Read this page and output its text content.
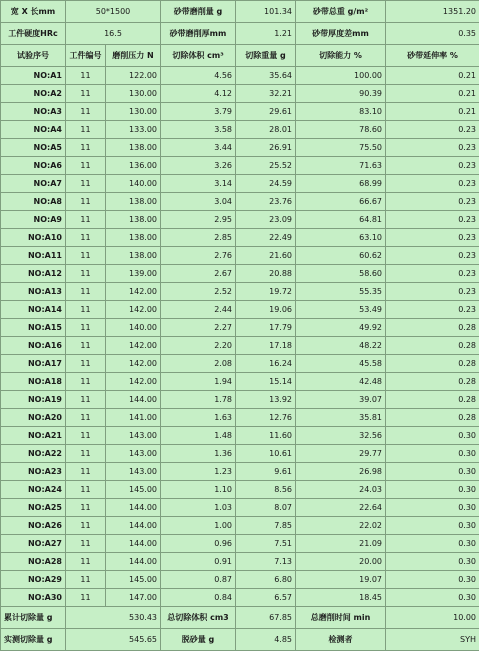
宽 X 长mm	50*1500		砂带磨削量 g	101.34	砂带总重 g/m²	1351.20
工件硬度HRc	16.5		砂带磨削厚mm	1.21	砂带厚度差mm	0.35
试验序号	工件编号	磨削压力 N	切除体积 cm³	切除重量 g	切除能力 %	砂带延伸率 %
NO:A1	11	122.00	4.56	35.64	100.00	0.21
NO:A2	11	130.00	4.12	32.21	90.39	0.21
NO:A3	11	130.00	3.79	29.61	83.10	0.21
NO:A4	11	133.00	3.58	28.01	78.60	0.23
NO:A5	11	138.00	3.44	26.91	75.50	0.23
NO:A6	11	136.00	3.26	25.52	71.63	0.23
NO:A7	11	140.00	3.14	24.59	68.99	0.23
NO:A8	11	138.00	3.04	23.76	66.67	0.23
NO:A9	11	138.00	2.95	23.09	64.81	0.23
NO:A10	11	138.00	2.85	22.49	63.10	0.23
NO:A11	11	138.00	2.76	21.60	60.62	0.23
NO:A12	11	139.00	2.67	20.88	58.60	0.23
NO:A13	11	142.00	2.52	19.72	55.35	0.23
NO:A14	11	142.00	2.44	19.06	53.49	0.23
NO:A15	11	140.00	2.27	17.79	49.92	0.28
NO:A16	11	142.00	2.20	17.18	48.22	0.28
NO:A17	11	142.00	2.08	16.24	45.58	0.28
NO:A18	11	142.00	1.94	15.14	42.48	0.28
NO:A19	11	144.00	1.78	13.92	39.07	0.28
NO:A20	11	141.00	1.63	12.76	35.81	0.28
NO:A21	11	143.00	1.48	11.60	32.56	0.30
NO:A22	11	143.00	1.36	10.61	29.77	0.30
NO:A23	11	143.00	1.23	9.61	26.98	0.30
NO:A24	11	145.00	1.10	8.56	24.03	0.30
NO:A25	11	144.00	1.03	8.07	22.64	0.30
NO:A26	11	144.00	1.00	7.85	22.02	0.30
NO:A27	11	144.00	0.96	7.51	21.09	0.30
NO:A28	11	144.00	0.91	7.13	20.00	0.30
NO:A29	11	145.00	0.87	6.80	19.07	0.30
NO:A30	11	147.00	0.84	6.57	18.45	0.30
累计切除量 g	530.43		总切除体积 cm3	67.85	总磨削时间 min	10.00
实测切除量 g	545.65		脱砂量 g	4.85	检测者	SYH
